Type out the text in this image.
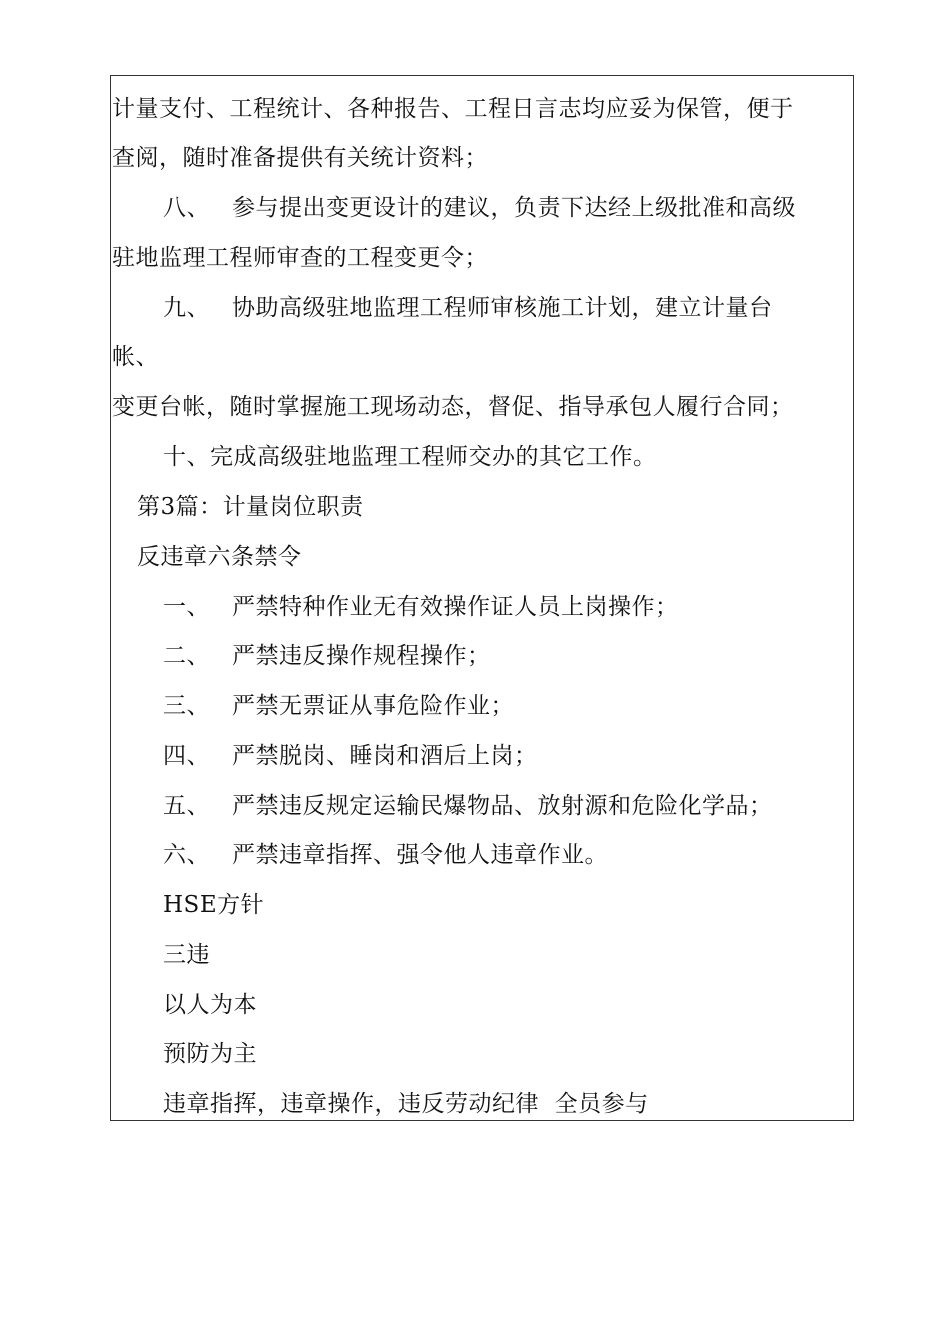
计量支付、工程统计、各种报告、工程日言志均应妥为保管，便于
查阅，随时准备提供有关统计资料；
八、 参与提出变更设计的建议，负责下达经上级批准和高级
驻地监理工程师审查的工程变更令；
九、 协助高级驻地监理工程师审核施工计划，建立计量台
帐、
变更台帐，随时掌握施工现场动态，督促、指导承包人履行合同；
十、完成高级驻地监理工程师交办的其它工作。
第3篇：计量岗位职责
反违章六条禁令
一、 严禁特种作业无有效操作证人员上岗操作；
二、 严禁违反操作规程操作；
三、 严禁无票证从事危险作业；
四、 严禁脱岗、睡岗和酒后上岗；
五、 严禁违反规定运输民爆物品、放射源和危险化学品；
六、 严禁违章指挥、强令他人违章作业。
HSE方针
三违
以人为本
预防为主
违章指挥，违章操作，违反劳动纪律  全员参与
